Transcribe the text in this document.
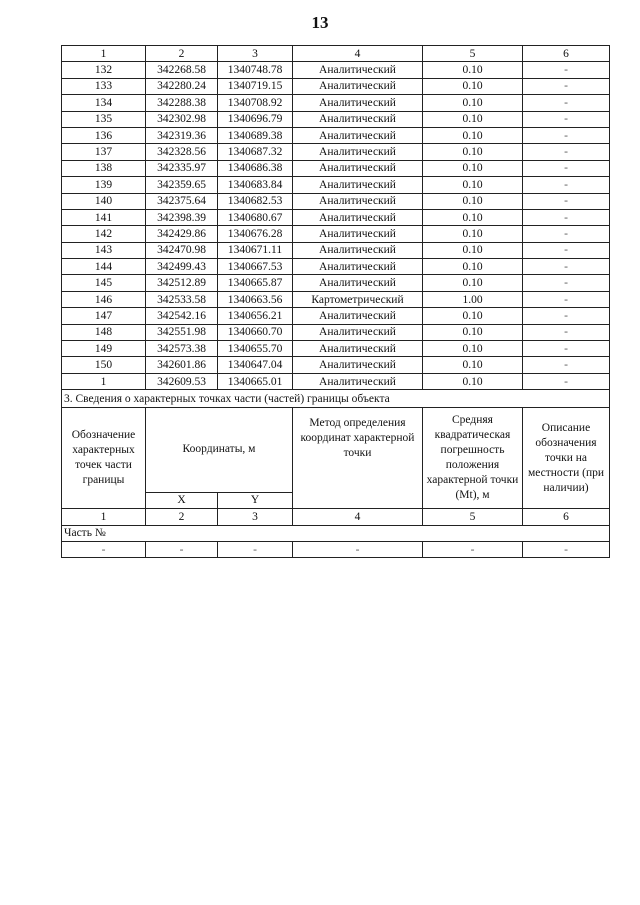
13
1	2	3	4	5	6
132	342268.58	1340748.78	Аналитический	0.10	-
133	342280.24	1340719.15	Аналитический	0.10	-
134	342288.38	1340708.92	Аналитический	0.10	-
135	342302.98	1340696.79	Аналитический	0.10	-
136	342319.36	1340689.38	Аналитический	0.10	-
137	342328.56	1340687.32	Аналитический	0.10	-
138	342335.97	1340686.38	Аналитический	0.10	-
139	342359.65	1340683.84	Аналитический	0.10	-
140	342375.64	1340682.53	Аналитический	0.10	-
141	342398.39	1340680.67	Аналитический	0.10	-
142	342429.86	1340676.28	Аналитический	0.10	-
143	342470.98	1340671.11	Аналитический	0.10	-
144	342499.43	1340667.53	Аналитический	0.10	-
145	342512.89	1340665.87	Аналитический	0.10	-
146	342533.58	1340663.56	Картометрический	1.00	-
147	342542.16	1340656.21	Аналитический	0.10	-
148	342551.98	1340660.70	Аналитический	0.10	-
149	342573.38	1340655.70	Аналитический	0.10	-
150	342601.86	1340647.04	Аналитический	0.10	-
1	342609.53	1340665.01	Аналитический	0.10	-
3. Сведения о характерных точках части (частей) границы объекта					
Обозначение характерных точек части границы	Координаты, м		Метод определения координат характерной точки	Средняя квадратическая погрешность положения характерной точки (Mt), м	Описание обозначения точки на местности (при наличии)
	X	Y			
1	2	3	4	5	6
Часть №					
-	-	-	-	-	-
